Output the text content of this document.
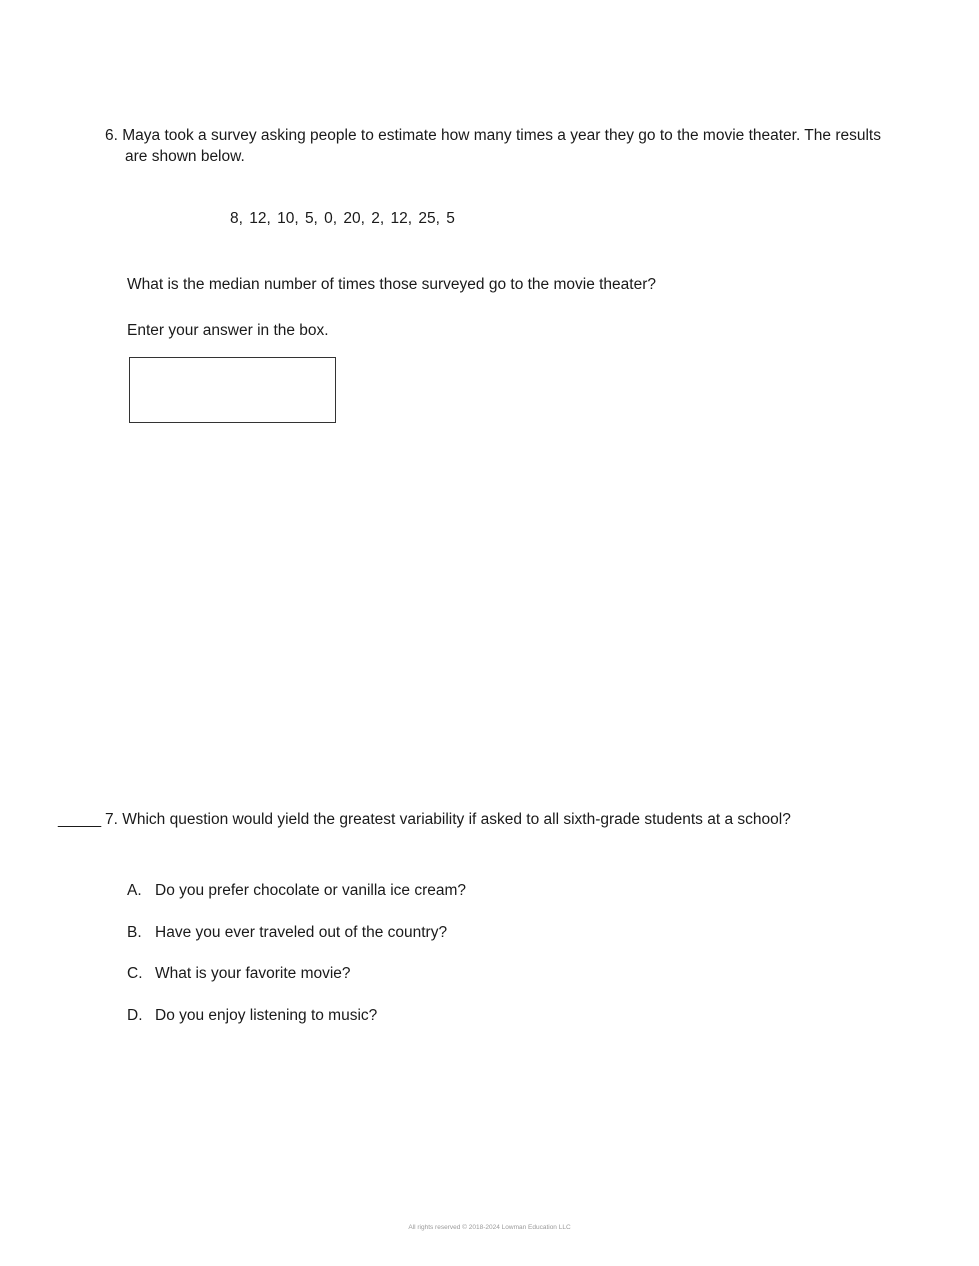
6. Maya took a survey asking people to estimate how many times a year they go to the movie theater. The results
are shown below.
8, 12, 10, 5, 0, 20, 2, 12, 25, 5
What is the median number of times those surveyed go to the movie theater?
Enter your answer in the box.
_____ 7. Which question would yield the greatest variability if asked to all sixth-grade students at a school?
A. Do you prefer chocolate or vanilla ice cream?
B. Have you ever traveled out of the country?
C. What is your favorite movie?
D. Do you enjoy listening to music?
All rights reserved © 2018-2024 Lowman Education LLC
